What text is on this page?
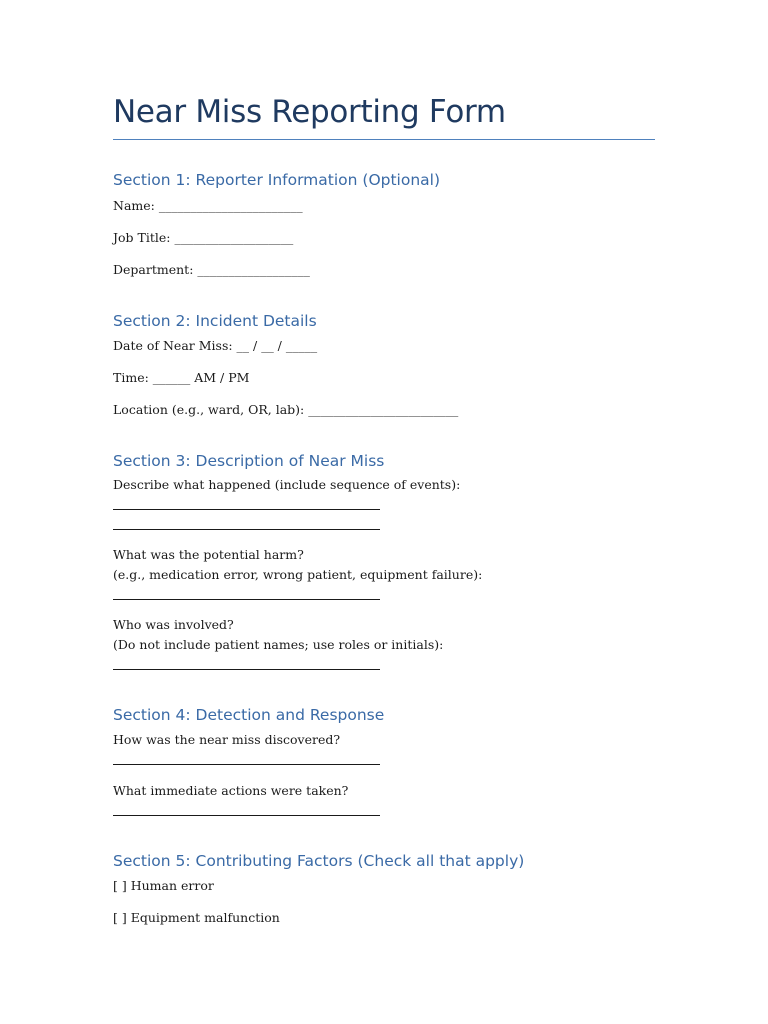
Near Miss Reporting Form
Section 1: Reporter Information (Optional)
Name: _______________________
Job Title: ___________________
Department: __________________
Section 2: Incident Details
Date of Near Miss: __ / __ / _____
Time: ______ AM / PM
Location (e.g., ward, OR, lab): ________________________
Section 3: Description of Near Miss
Describe what happened (include sequence of events):
What was the potential harm?
(e.g., medication error, wrong patient, equipment failure):
Who was involved?
(Do not include patient names; use roles or initials):
Section 4: Detection and Response
How was the near miss discovered?
What immediate actions were taken?
Section 5: Contributing Factors (Check all that apply)
[ ] Human error
[ ] Equipment malfunction
